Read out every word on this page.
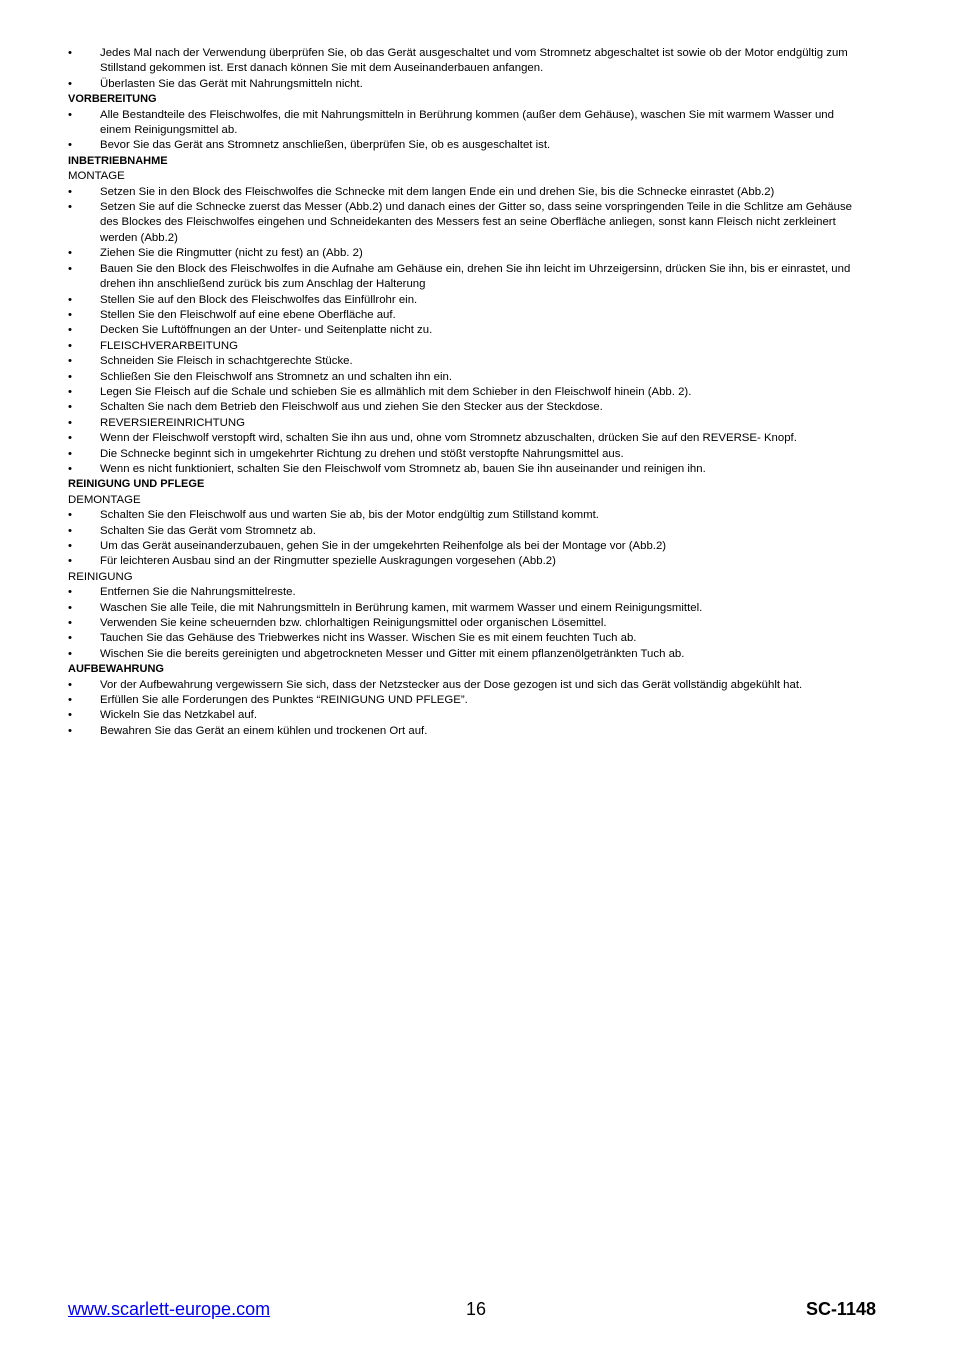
•	Jedes Mal nach der Verwendung überprüfen Sie, ob das Gerät ausgeschaltet und vom Stromnetz abgeschaltet ist sowie ob der Motor endgültig zum Stillstand gekommen ist. Erst danach können Sie mit dem Auseinanderbauen anfangen.
•	Überlasten Sie das Gerät mit Nahrungsmitteln nicht.
VORBEREITUNG
•	Alle Bestandteile des Fleischwolfes, die mit Nahrungsmitteln in Berührung kommen (außer dem Gehäuse), waschen Sie mit warmem Wasser und einem Reinigungsmittel ab.
•	Bevor Sie das Gerät ans Stromnetz anschließen, überprüfen Sie, ob es ausgeschaltet ist.
INBETRIEBNAHME
MONTAGE
•	Setzen Sie in den Block des Fleischwolfes die Schnecke mit dem langen Ende ein und drehen Sie, bis die Schnecke einrastet (Abb.2)
•	Setzen Sie auf die Schnecke zuerst das Messer (Abb.2) und danach eines der Gitter so, dass seine vorspringenden Teile in die Schlitze am Gehäuse des Blockes des Fleischwolfes eingehen und Schneidekanten des Messers fest an seine Oberfläche anliegen, sonst kann Fleisch nicht zerkleinert werden (Abb.2)
•	Ziehen Sie die Ringmutter (nicht zu fest) an (Abb. 2)
•	Bauen Sie den Block des Fleischwolfes in die Aufnahe am Gehäuse ein, drehen Sie ihn leicht im Uhrzeigersinn, drücken Sie ihn, bis er einrastet, und drehen ihn anschließend zurück bis zum Anschlag der Halterung
•	Stellen Sie auf den Block des Fleischwolfes das Einfüllrohr ein.
•	Stellen Sie den Fleischwolf auf eine ebene Oberfläche auf.
•	Decken Sie Luftöffnungen an der Unter- und Seitenplatte nicht zu.
•	FLEISCHVERARBEITUNG
•	Schneiden Sie Fleisch in schachtgerechte Stücke.
•	Schließen Sie den Fleischwolf ans Stromnetz an und schalten ihn ein.
•	Legen Sie Fleisch auf die Schale und schieben Sie es allmählich mit dem Schieber in den Fleischwolf hinein (Abb. 2).
•	Schalten Sie nach dem Betrieb den Fleischwolf aus und ziehen Sie den Stecker aus der Steckdose.
•	REVERSIEREINRICHTUNG
•	Wenn der Fleischwolf verstopft wird, schalten Sie ihn aus und, ohne vom Stromnetz abzuschalten, drücken Sie auf den REVERSE- Knopf.
•	Die Schnecke beginnt sich in umgekehrter Richtung zu drehen und stößt verstopfte Nahrungsmittel aus.
•	Wenn es nicht funktioniert, schalten Sie den Fleischwolf vom Stromnetz ab, bauen Sie ihn auseinander und reinigen ihn.
REINIGUNG UND PFLEGE
DEMONTAGE
•	Schalten Sie den Fleischwolf aus und warten Sie ab, bis der Motor endgültig zum Stillstand kommt.
•	Schalten Sie das Gerät vom Stromnetz ab.
•	Um das Gerät auseinanderzubauen, gehen Sie in der umgekehrten Reihenfolge als bei der Montage vor (Abb.2)
•	Für leichteren Ausbau sind an der Ringmutter spezielle Auskragungen vorgesehen (Abb.2)
REINIGUNG
•	Entfernen Sie die Nahrungsmittelreste.
•	Waschen Sie alle Teile, die mit Nahrungsmitteln in Berührung kamen, mit warmem Wasser und einem Reinigungsmittel.
•	Verwenden Sie keine scheuernden bzw. chlorhaltigen Reinigungsmittel oder organischen Lösemittel.
•	Tauchen Sie das Gehäuse des Triebwerkes nicht ins Wasser. Wischen Sie es mit einem feuchten Tuch ab.
•	Wischen Sie die bereits gereinigten und abgetrockneten Messer und Gitter mit einem pflanzenölgetränkten Tuch ab.
AUFBEWAHRUNG
•	Vor der Aufbewahrung vergewissern Sie sich, dass der Netzstecker aus der Dose gezogen ist und sich das Gerät vollständig abgekühlt hat.
•	Erfüllen Sie alle Forderungen des Punktes “REINIGUNG UND PFLEGE”.
•	Wickeln Sie das Netzkabel auf.
•	Bewahren Sie das Gerät an einem kühlen und trockenen Ort auf.
www.scarlett-europe.com	16	SC-1148
